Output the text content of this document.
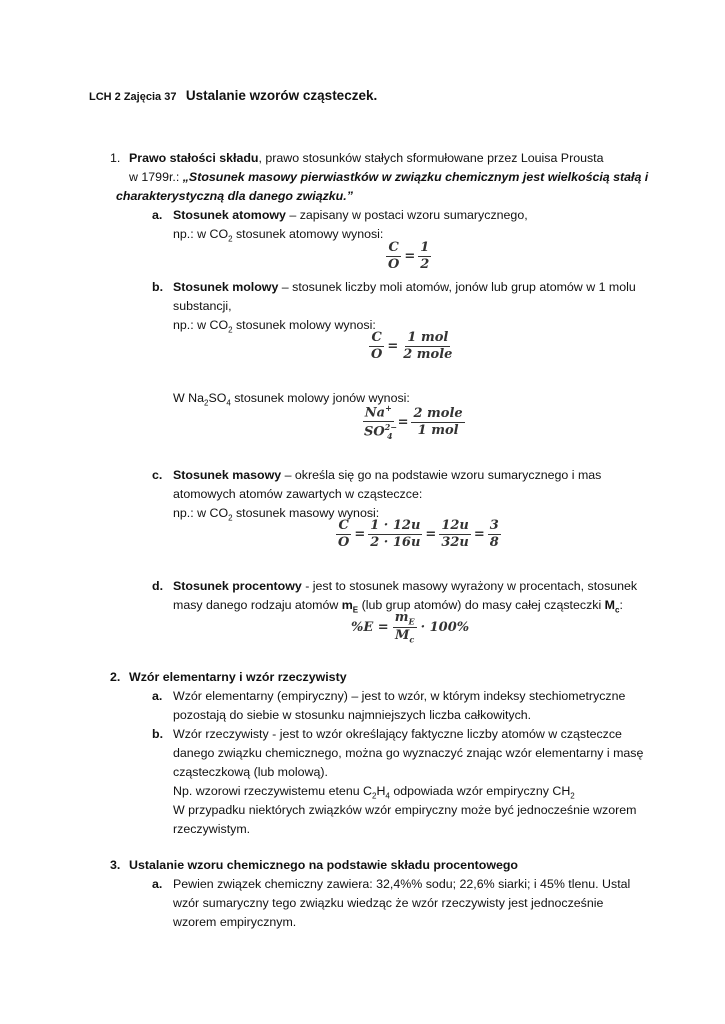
LCH 2 Zajęcia 37 Ustalanie wzorów cząsteczek.
1. Prawo stałości składu, prawo stosunków stałych sformułowane przez Louisa Prousta
w 1799r.: „Stosunek masowy pierwiastków w związku chemicznym jest wielkością stałą i
charakterystyczną dla danego związku.”
a. Stosunek atomowy – zapisany w postaci wzoru sumarycznego,
np.: w $CO_2$ stosunek atomowy wynosi:
$\frac{C}{O} = \frac{1}{2}$
b. Stosunek molowy – stosunek liczby moli atomów, jonów lub grup atomów w 1 molu
substancji,
np.: w $CO_2$ stosunek molowy wynosi:
$\frac{C}{O} = \frac{\text{1 mol}}{\text{2 mole}}$
W $Na_2SO_4$ stosunek molowy jonów wynosi:
$\frac{Na^+}{SO^{2-}_4} = \frac{\text{2 mole}}{\text{1 mol}}$
c. Stosunek masowy – określa się go na podstawie wzoru sumarycznego i mas
atomowych atomów zawartych w cząsteczce:
np.: w $CO_2$ stosunek masowy wynosi:
$\frac{C}{O} = \frac{1 \cdot 12u}{2 \cdot 16u} = \frac{12u}{32u} = \frac{3}{8}$
d. Stosunek procentowy - jest to stosunek masowy wyrażony w procentach, stosunek
masy danego rodzaju atomów $m_E$ (lub grup atomów) do masy całej cząsteczki $M_c$:
$\%E = \frac{m_E}{M_c} \cdot 100\%$
2. Wzór elementarny i wzór rzeczywisty
a. Wzór elementarny (empiryczny) – jest to wzór, w którym indeksy stechiometryczne
pozostają do siebie w stosunku najmniejszych liczba całkowitych.
b. Wzór rzeczywisty - jest to wzór określający faktyczne liczby atomów w cząsteczce
danego związku chemicznego, można go wyznaczyć znając wzór elementarny i masę
cząsteczkową (lub molową).
Np. wzorowi rzeczywistemu etenu $C_2H_4$ odpowiada wzór empiryczny $CH_2$
W przypadku niektórych związków wzór empiryczny może być jednocześnie wzorem
rzeczywistym.
3. Ustalanie wzoru chemicznego na podstawie składu procentowego
a. Pewien związek chemiczny zawiera: 32,4%% sodu; 22,6% siarki; i 45% tlenu. Ustal
wzór sumaryczny tego związku wiedząc że wzór rzeczywisty jest jednocześnie
wzorem empirycznym.
